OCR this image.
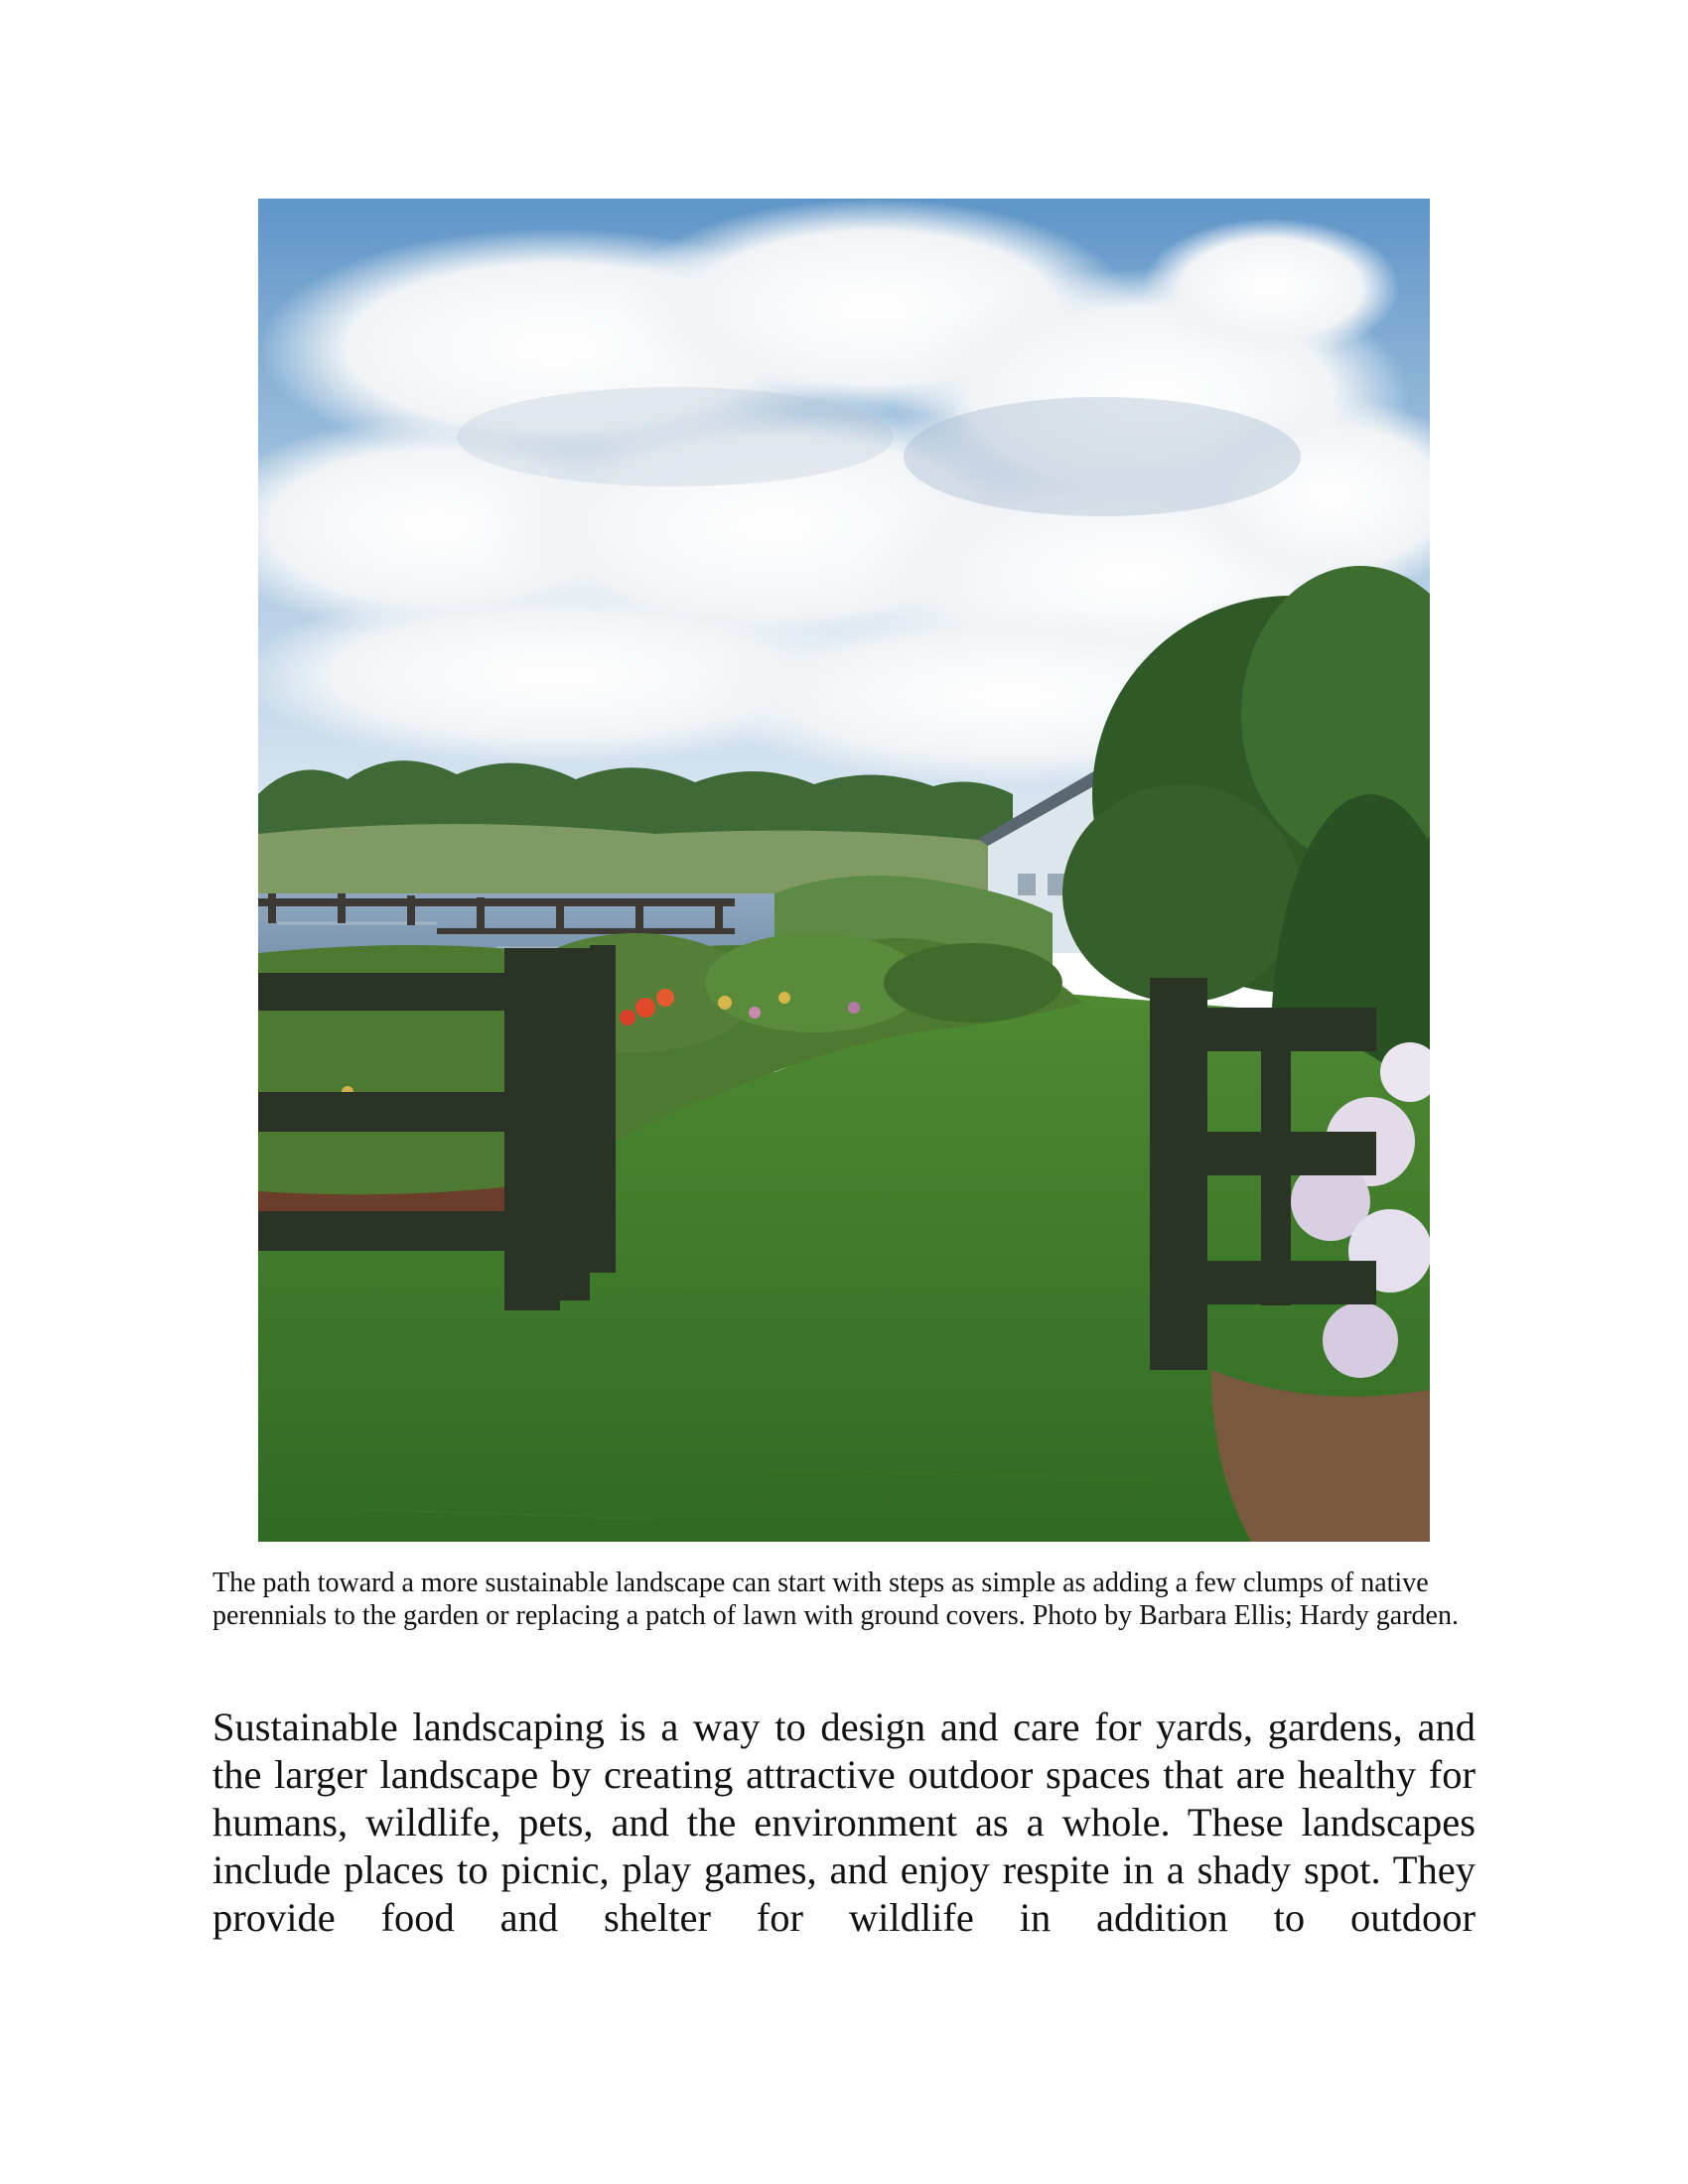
The path toward a more sustainable landscape can start with steps as simple as adding a few clumps of native perennials to the garden or replacing a patch of lawn with ground covers. Photo by Barbara Ellis; Hardy garden.

Sustainable landscaping is a way to design and care for yards, gardens, and the larger landscape by creating attractive outdoor spaces that are healthy for humans, wildlife, pets, and the environment as a whole. These landscapes include places to picnic, play games, and enjoy respite in a shady spot. They provide food and shelter for wildlife in addition to outdoor
